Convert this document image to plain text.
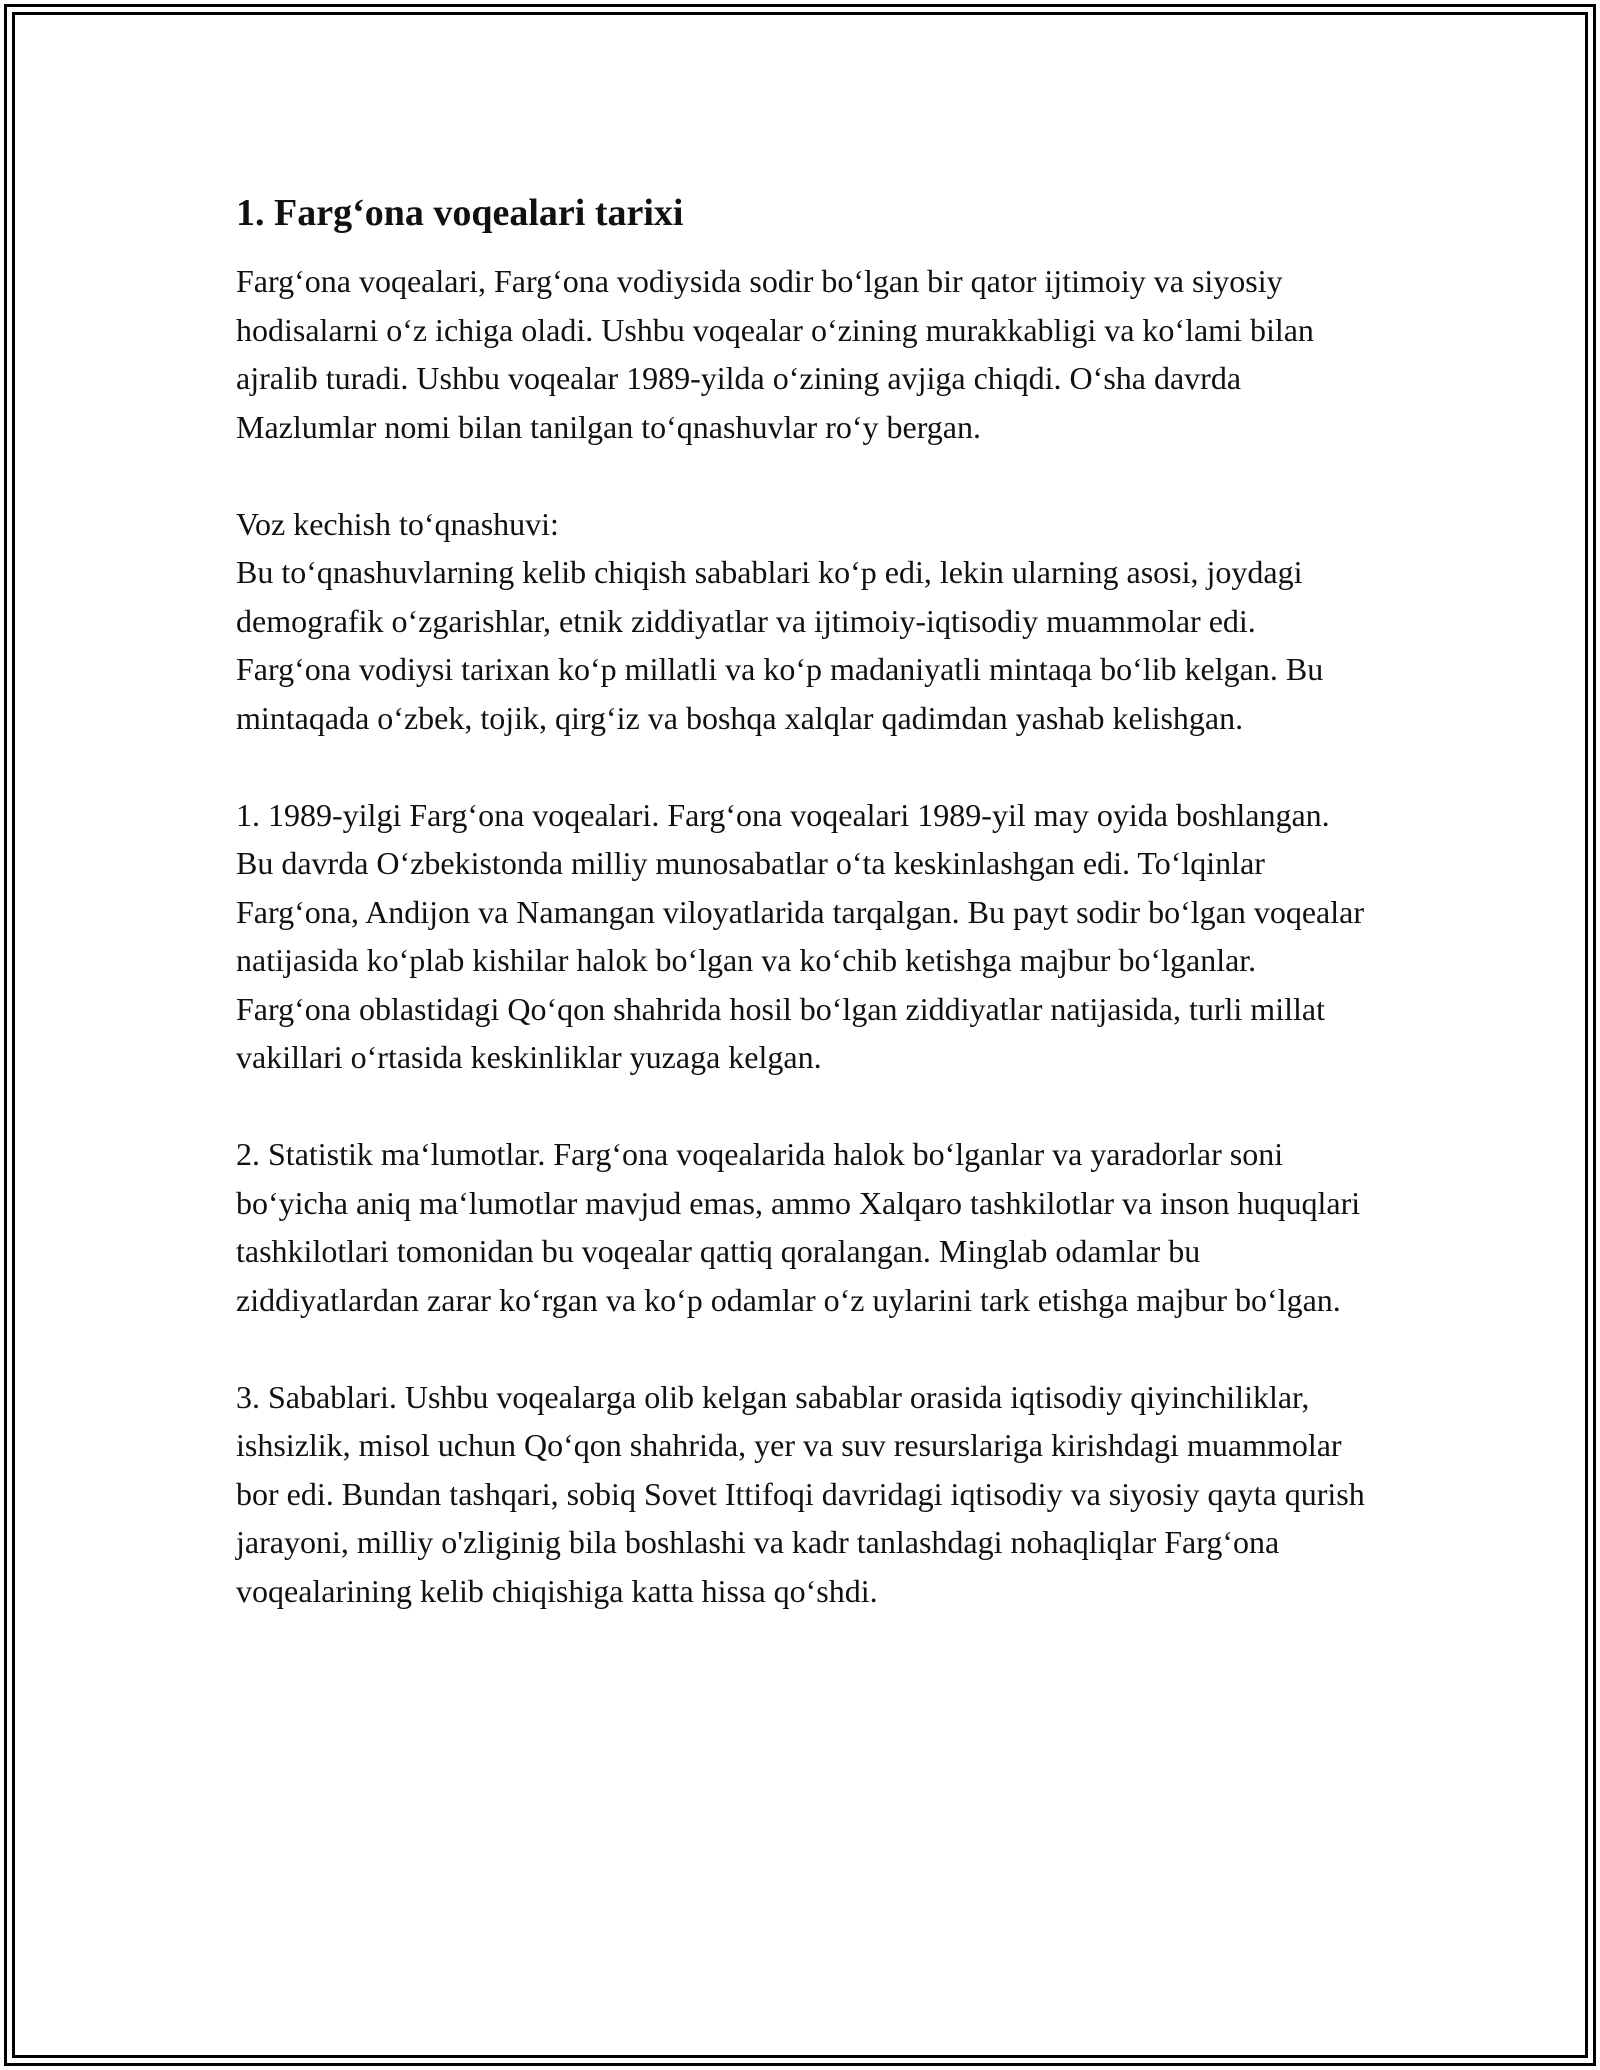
1. Farg‘ona voqealari tarixi

Farg‘ona voqealari, Farg‘ona vodiysida sodir bo‘lgan bir qator ijtimoiy va siyosiy hodisalarni o‘z ichiga oladi. Ushbu voqealar o‘zining murakkabligi va ko‘lami bilan ajralib turadi. Ushbu voqealar 1989-yilda o‘zining avjiga chiqdi. O‘sha davrda Mazlumlar nomi bilan tanilgan to‘qnashuvlar ro‘y bergan.

Voz kechish to‘qnashuvi:

Bu to‘qnashuvlarning kelib chiqish sabablari ko‘p edi, lekin ularning asosi, joydagi demografik o‘zgarishlar, etnik ziddiyatlar va ijtimoiy-iqtisodiy muammolar edi. Farg‘ona vodiysi tarixan ko‘p millatli va ko‘p madaniyatli mintaqa bo‘lib kelgan. Bu mintaqada o‘zbek, tojik, qirg‘iz va boshqa xalqlar qadimdan yashab kelishgan.

1. 1989-yilgi Farg‘ona voqealari. Farg‘ona voqealari 1989-yil may oyida boshlangan. Bu davrda O‘zbekistonda milliy munosabatlar o‘ta keskinlashgan edi. To‘lqinlar Farg‘ona, Andijon va Namangan viloyatlarida tarqalgan. Bu payt sodir bo‘lgan voqealar natijasida ko‘plab kishilar halok bo‘lgan va ko‘chib ketishga majbur bo‘lganlar. Farg‘ona oblastidagi Qo‘qon shahrida hosil bo‘lgan ziddiyatlar natijasida, turli millat vakillari o‘rtasida keskinliklar yuzaga kelgan.

2. Statistik ma‘lumotlar. Farg‘ona voqealarida halok bo‘lganlar va yaradorlar soni bo‘yicha aniq ma‘lumotlar mavjud emas, ammo Xalqaro tashkilotlar va inson huquqlari tashkilotlari tomonidan bu voqealar qattiq qoralangan. Minglab odamlar bu ziddiyatlardan zarar ko‘rgan va ko‘p odamlar o‘z uylarini tark etishga majbur bo‘lgan.

3. Sabablari. Ushbu voqealarga olib kelgan sabablar orasida iqtisodiy qiyinchiliklar, ishsizlik, misol uchun Qo‘qon shahrida, yer va suv resurslariga kirishdagi muammolar bor edi. Bundan tashqari, sobiq Sovet Ittifoqi davridagi iqtisodiy va siyosiy qayta qurish jarayoni, milliy o'zliginig bila boshlashi va kadr tanlashdagi nohaqliqlar Farg‘ona voqealarining kelib chiqishiga katta hissa qo‘shdi.
